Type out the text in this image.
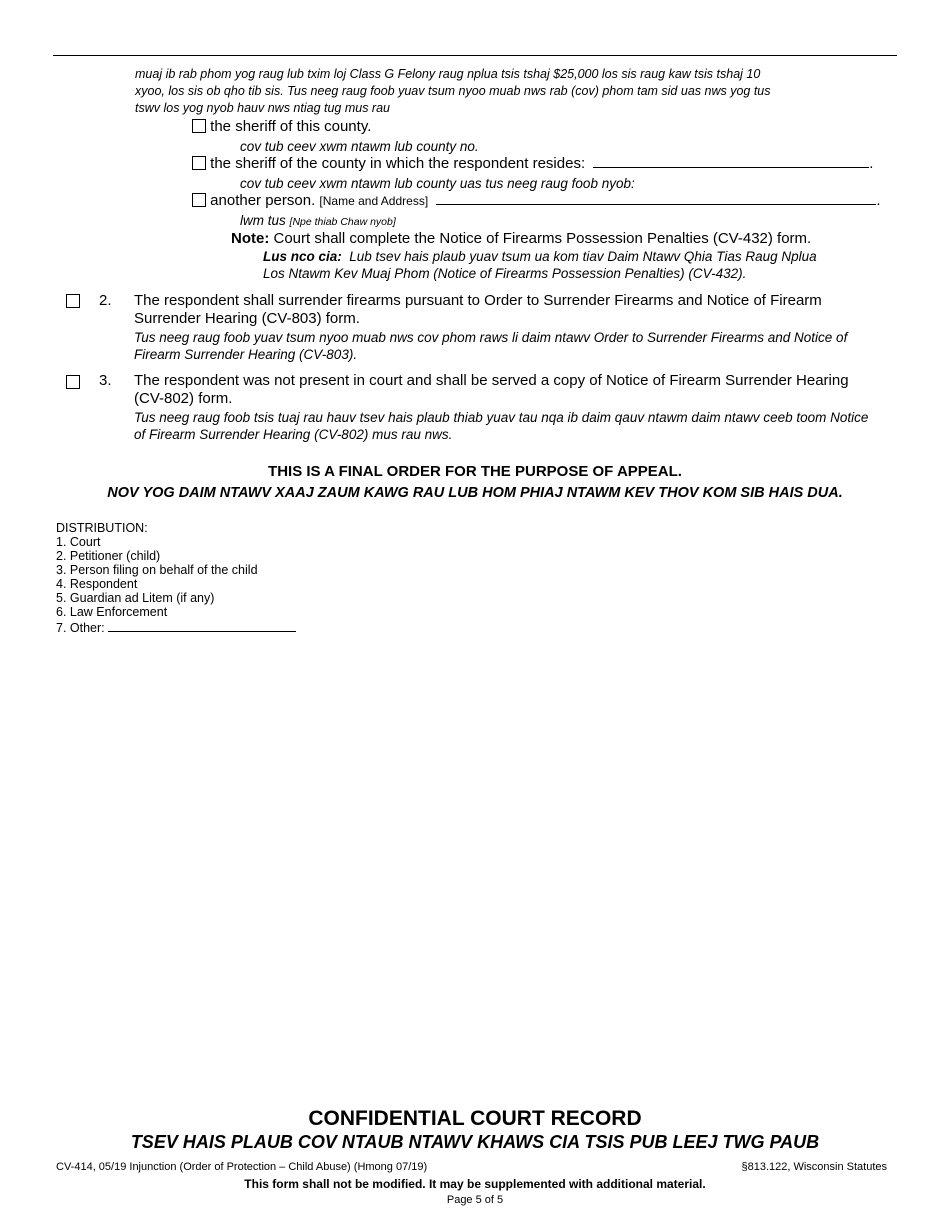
muaj ib rab phom yog raug lub txim loj Class G Felony raug nplua tsis tshaj $25,000 los sis raug kaw tsis tshaj 10
xyoo, los sis ob qho tib sis. Tus neeg raug foob yuav tsum nyoo muab nws rab (cov) phom tam sid uas nws yog tus
tswv los yog nyob hauv nws ntiag tug mus rau
the sheriff of this county.
cov tub ceev xwm ntawm lub county no.
the sheriff of the county in which the respondent resides:	.
cov tub ceev xwm ntawm lub county uas tus neeg raug foob nyob:
another person. [Name and Address]	.
lwm tus [Npe thiab Chaw nyob]
Note: Court shall complete the Notice of Firearms Possession Penalties (CV-432) form.
Lus nco cia: Lub tsev hais plaub yuav tsum ua kom tiav Daim Ntawv Qhia Tias Raug Nplua
Los Ntawm Kev Muaj Phom (Notice of Firearms Possession Penalties) (CV-432).
2. The respondent shall surrender firearms pursuant to Order to Surrender Firearms and Notice of Firearm
Surrender Hearing (CV-803) form.
Tus neeg raug foob yuav tsum nyoo muab nws cov phom raws li daim ntawv Order to Surrender Firearms and Notice of
Firearm Surrender Hearing (CV-803).
3. The respondent was not present in court and shall be served a copy of Notice of Firearm Surrender Hearing
(CV-802) form.
Tus neeg raug foob tsis tuaj rau hauv tsev hais plaub thiab yuav tau nqa ib daim qauv ntawm daim ntawv ceeb toom Notice
of Firearm Surrender Hearing (CV-802) mus rau nws.
THIS IS A FINAL ORDER FOR THE PURPOSE OF APPEAL.
NOV YOG DAIM NTAWV XAAJ ZAUM KAWG RAU LUB HOM PHIAJ NTAWM KEV THOV KOM SIB HAIS DUA.
DISTRIBUTION:
1. Court
2. Petitioner (child)
3. Person filing on behalf of the child
4. Respondent
5. Guardian ad Litem (if any)
6. Law Enforcement
7. Other:
CONFIDENTIAL COURT RECORD
TSEV HAIS PLAUB COV NTAUB NTAWV KHAWS CIA TSIS PUB LEEJ TWG PAUB
CV-414, 05/19 Injunction (Order of Protection – Child Abuse) (Hmong 07/19)	§813.122, Wisconsin Statutes
This form shall not be modified. It may be supplemented with additional material.
Page 5 of 5
